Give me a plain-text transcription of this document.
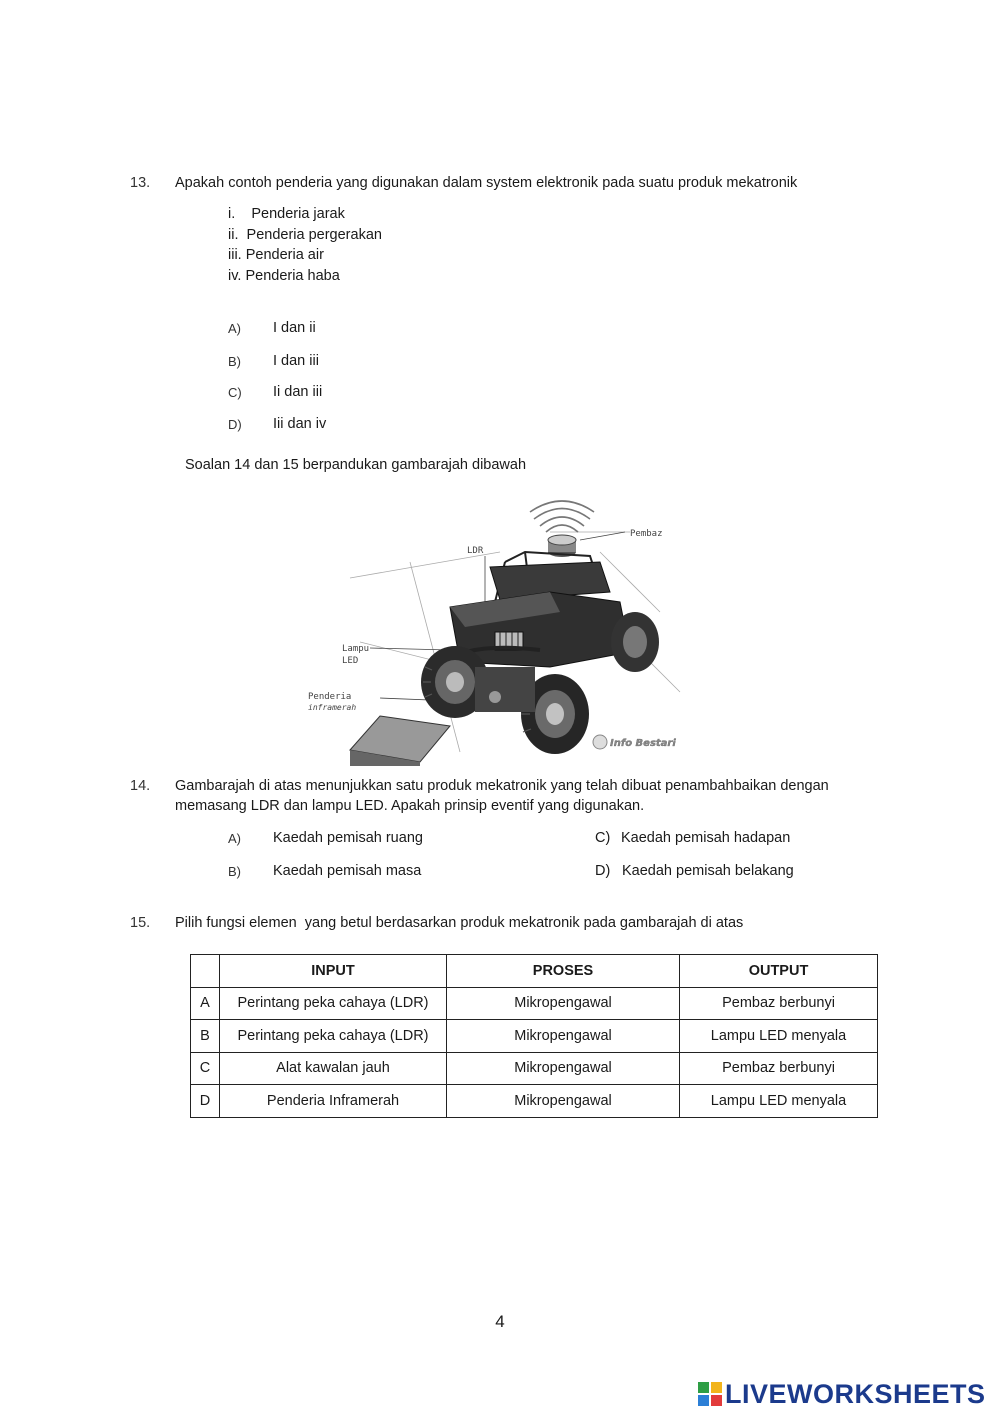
13. Apakah contoh penderia yang digunakan dalam system elektronik pada suatu produk mekatronik
i.    Penderia jarak
ii.  Penderia pergerakan
iii. Penderia air
iv. Penderia haba
A) I dan ii
B) I dan iii
C) Ii dan iii
D) Iii dan iv
Soalan 14 dan 15 berpandukan gambarajah dibawah
Pembaz
LDR
Lampu
LED
Penderia
inframerah
Info Bestari
14. Gambarajah di atas menunjukkan satu produk mekatronik yang telah dibuat penambahbaikan dengan
memasang LDR dan lampu LED. Apakah prinsip eventif yang digunakan.
A) Kaedah pemisah ruang
B) Kaedah pemisah masa
C) Kaedah pemisah hadapan
D) Kaedah pemisah belakang
15. Pilih fungsi elemen  yang betul berdasarkan produk mekatronik pada gambarajah di atas
	INPUT	PROSES	OUTPUT
A	Perintang peka cahaya (LDR)	Mikropengawal	Pembaz berbunyi
B	Perintang peka cahaya (LDR)	Mikropengawal	Lampu LED menyala
C	Alat kawalan jauh	Mikropengawal	Pembaz berbunyi
D	Penderia Inframerah	Mikropengawal	Lampu LED menyala
4
LIVEWORKSHEETS
